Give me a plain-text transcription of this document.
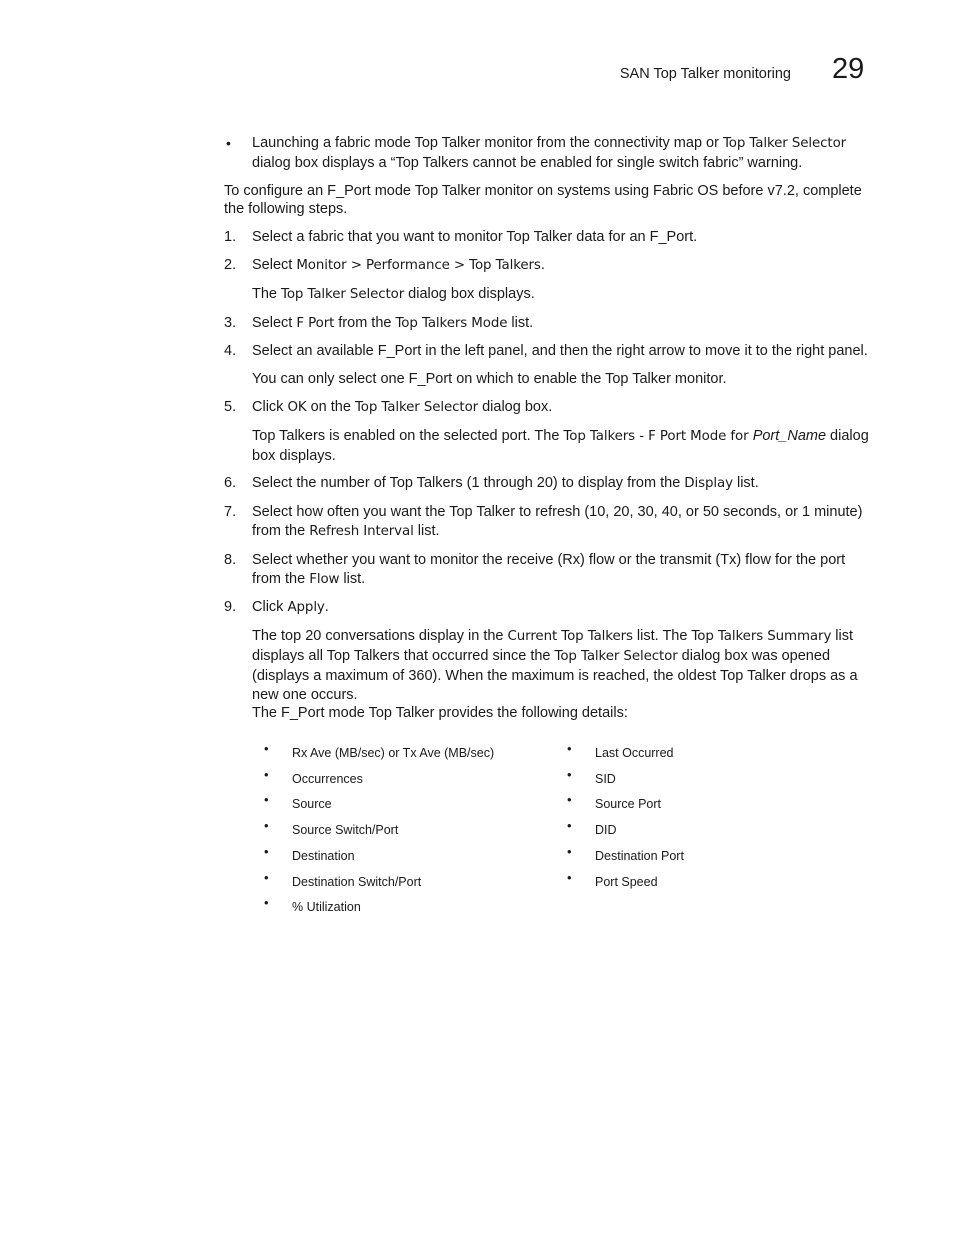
SAN Top Talker monitoring 29
• Launching a fabric mode Top Talker monitor from the connectivity map or Top Talker Selector dialog box displays a “Top Talkers cannot be enabled for single switch fabric” warning.

To configure an F_Port mode Top Talker monitor on systems using Fabric OS before v7.2, complete the following steps.

1. Select a fabric that you want to monitor Top Talker data for an F_Port.
2. Select Monitor > Performance > Top Talkers.
The Top Talker Selector dialog box displays.
3. Select F Port from the Top Talkers Mode list.
4. Select an available F_Port in the left panel, and then the right arrow to move it to the right panel.
You can only select one F_Port on which to enable the Top Talker monitor.
5. Click OK on the Top Talker Selector dialog box.
Top Talkers is enabled on the selected port. The Top Talkers - F Port Mode for Port_Name dialog box displays.
6. Select the number of Top Talkers (1 through 20) to display from the Display list.
7. Select how often you want the Top Talker to refresh (10, 20, 30, 40, or 50 seconds, or 1 minute) from the Refresh Interval list.
8. Select whether you want to monitor the receive (Rx) flow or the transmit (Tx) flow for the port from the Flow list.
9. Click Apply.
The top 20 conversations display in the Current Top Talkers list. The Top Talkers Summary list displays all Top Talkers that occurred since the Top Talker Selector dialog box was opened (displays a maximum of 360). When the maximum is reached, the oldest Top Talker drops as a new one occurs.
The F_Port mode Top Talker provides the following details:
• Rx Ave (MB/sec) or Tx Ave (MB/sec)
• Occurrences
• Source
• Source Switch/Port
• Destination
• Destination Switch/Port
• % Utilization
• Last Occurred
• SID
• Source Port
• DID
• Destination Port
• Port Speed
